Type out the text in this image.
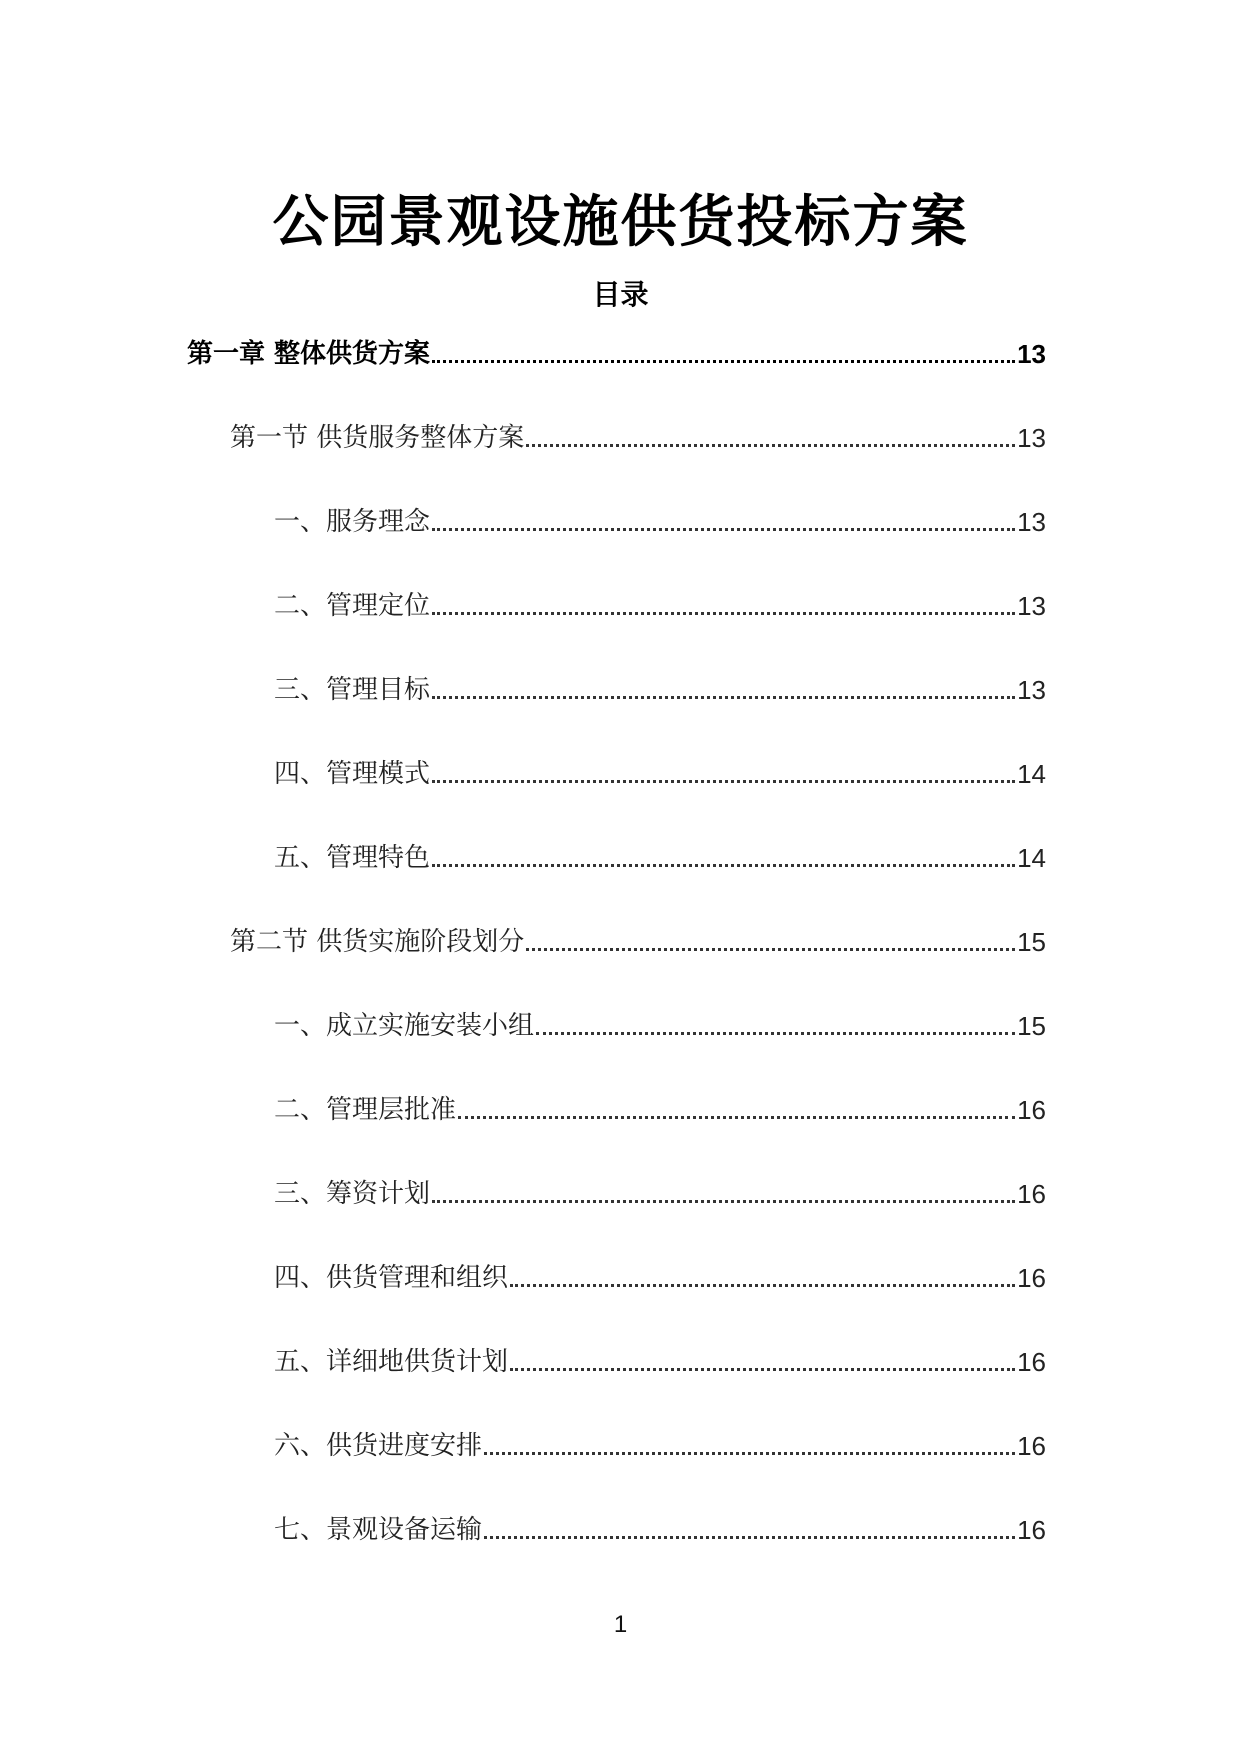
公园景观设施供货投标方案
目录
第一章 整体供货方案	13
第一节 供货服务整体方案	13
一、服务理念	13
二、管理定位	13
三、管理目标	13
四、管理模式	14
五、管理特色	14
第二节 供货实施阶段划分	15
一、成立实施安装小组	15
二、管理层批准	16
三、筹资计划	16
四、供货管理和组织	16
五、详细地供货计划	16
六、供货进度安排	16
七、景观设备运输	16
1
